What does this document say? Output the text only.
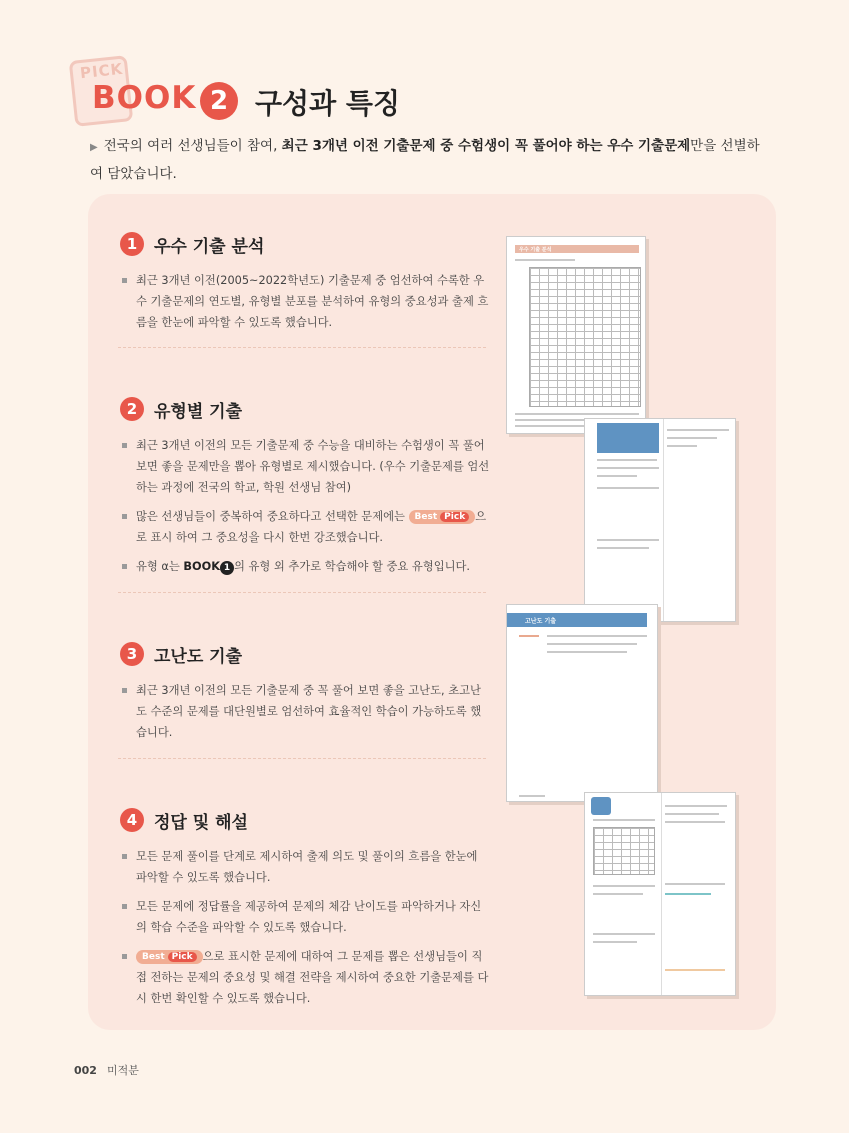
PICK
BOOK 2 구성과 특징
▶ 전국의 여러 선생님들이 참여, 최근 3개년 이전 기출문제 중 수험생이 꼭 풀어야 하는 우수 기출문제만을 선별하여 담았습니다.
1 우수 기출 분석
최근 3개년 이전(2005~2022학년도) 기출문제 중 엄선하여 수록한 우수 기출문제의 연도별, 유형별 분포를 분석하여 유형의 중요성과 출제 흐름을 한눈에 파악할 수 있도록 했습니다.
2 유형별 기출
최근 3개년 이전의 모든 기출문제 중 수능을 대비하는 수험생이 꼭 풀어 보면 좋을 문제만을 뽑아 유형별로 제시했습니다. (우수 기출문제를 엄선하는 과정에 전국의 학교, 학원 선생님 참여)
많은 선생님들이 중복하여 중요하다고 선택한 문제에는 Best Pick 으로 표시 하여 그 중요성을 다시 한번 강조했습니다.
유형 α는 BOOK 1 의 유형 외 추가로 학습해야 할 중요 유형입니다.
3 고난도 기출
최근 3개년 이전의 모든 기출문제 중 꼭 풀어 보면 좋을 고난도, 초고난도 수준의 문제를 대단원별로 엄선하여 효율적인 학습이 가능하도록 했습니다.
4 정답 및 해설
모든 문제 풀이를 단계로 제시하여 출제 의도 및 풀이의 흐름을 한눈에 파악할 수 있도록 했습니다.
모든 문제에 정답률을 제공하여 문제의 체감 난이도를 파악하거나 자신의 학습 수준을 파악할 수 있도록 했습니다.
Best Pick 으로 표시한 문제에 대하여 그 문제를 뽑은 선생님들이 직접 전하는 문제의 중요성 및 해결 전략을 제시하여 중요한 기출문제를 다시 한번 확인할 수 있도록 했습니다.
우수 기출 분석
고난도 기출
002 미적분
